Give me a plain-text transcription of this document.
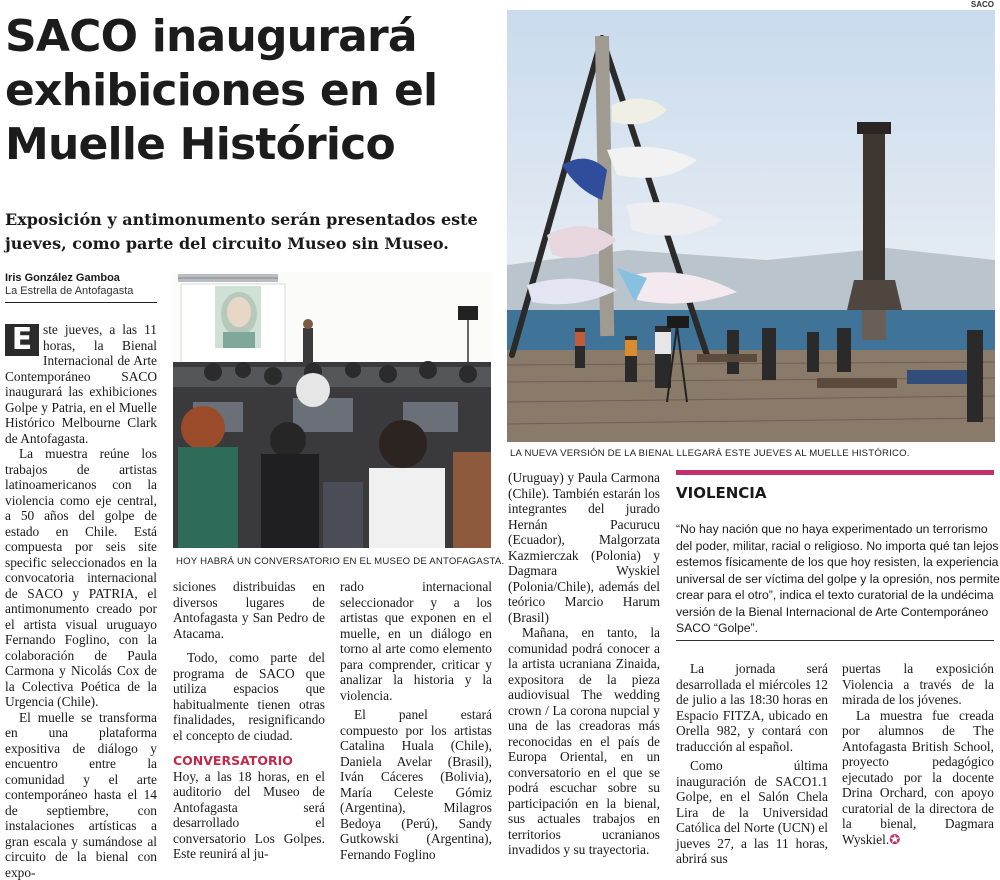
SACO
SACO inaugurará
exhibiciones en el
Muelle Histórico
Exposición y antimonumento serán presentados este
jueves, como parte del circuito Museo sin Museo.
Iris González Gamboa
La Estrella de Antofagasta

E ste jueves, a las 11 horas, la Bienal Internacional de Arte Contemporáneo SACO inaugurará las exhibiciones Golpe y Patria, en el Muelle Histórico Melbourne Clark de Antofagasta.

La muestra reúne los trabajos de artistas latinoamericanos con la violencia como eje central, a 50 años del golpe de estado en Chile. Está compuesta por seis site specific seleccionados en la convocatoria internacional de SACO y PATRIA, el antimonumento creado por el artista visual uruguayo Fernando Foglino, con la colaboración de Paula Carmona y Nicolás Cox de la Colectiva Poética de la Urgencia (Chile).

El muelle se transforma en una plataforma expositiva de diálogo y encuentro entre la comunidad y el arte contemporáneo hasta el 14 de septiembre, con instalaciones artísticas a gran escala y sumándose al circuito de la bienal con expo-

HOY HABRÁ UN CONVERSATORIO EN EL MUSEO DE ANTOFAGASTA.
LA NUEVA VERSIÓN DE LA BIENAL LLEGARÁ ESTE JUEVES AL MUELLE HISTÓRICO.

siciones distribuidas en diversos lugares de Antofagasta y San Pedro de Atacama.

Todo, como parte del programa de SACO que utiliza espacios que habitualmente tienen otras finalidades, resignificando el concepto de ciudad.

CONVERSATORIO

Hoy, a las 18 horas, en el auditorio del Museo de Antofagasta será desarrollado el conversatorio Los Golpes. Este reunirá al ju-

rado internacional seleccionador y a los artistas que exponen en el muelle, en un diálogo en torno al arte como elemento para comprender, criticar y analizar la historia y la violencia.

El panel estará compuesto por los artistas Catalina Huala (Chile), Daniela Avelar (Brasil), Iván Cáceres (Bolivia), María Celeste Gómiz (Argentina), Milagros Bedoya (Perú), Sandy Gutkowski (Argentina), Fernando Foglino

(Uruguay) y Paula Carmona (Chile). También estarán los integrantes del jurado Hernán Pacurucu (Ecuador), Malgorzata Kazmierczak (Polonia) y Dagmara Wyskiel (Polonia/Chile), además del teórico Marcio Harum (Brasil)

Mañana, en tanto, la comunidad podrá conocer a la artista ucraniana Zinaida, expositora de la pieza audiovisual The wedding crown / La corona nupcial y una de las creadoras más reconocidas en el país de Europa Oriental, en un conversatorio en el que se podrá escuchar sobre su participación en la bienal, sus actuales trabajos en territorios ucranianos invadidos y su trayectoria.

VIOLENCIA
“No hay nación que no haya experimentado un terrorismo
del poder, militar, racial o religioso. No importa qué tan lejos
estemos físicamente de los que hoy resisten, la experiencia
universal de ser víctima del golpe y la opresión, nos permite
crear para el otro”, indica el texto curatorial de la undécima
versión de la Bienal Internacional de Arte Contemporáneo
SACO “Golpe”.

La jornada será desarrollada el miércoles 12 de julio a las 18:30 horas en Espacio FITZA, ubicado en Orella 982, y contará con traducción al español.

Como última inauguración de SACO1.1 Golpe, en el Salón Chela Lira de la Universidad Católica del Norte (UCN) el jueves 27, a las 11 horas, abrirá sus

puertas la exposición Violencia a través de la mirada de los jóvenes.

La muestra fue creada por alumnos de The Antofagasta British School, proyecto pedagógico ejecutado por la docente Drina Orchard, con apoyo curatorial de la directora de la bienal, Dagmara Wyskiel.✪
